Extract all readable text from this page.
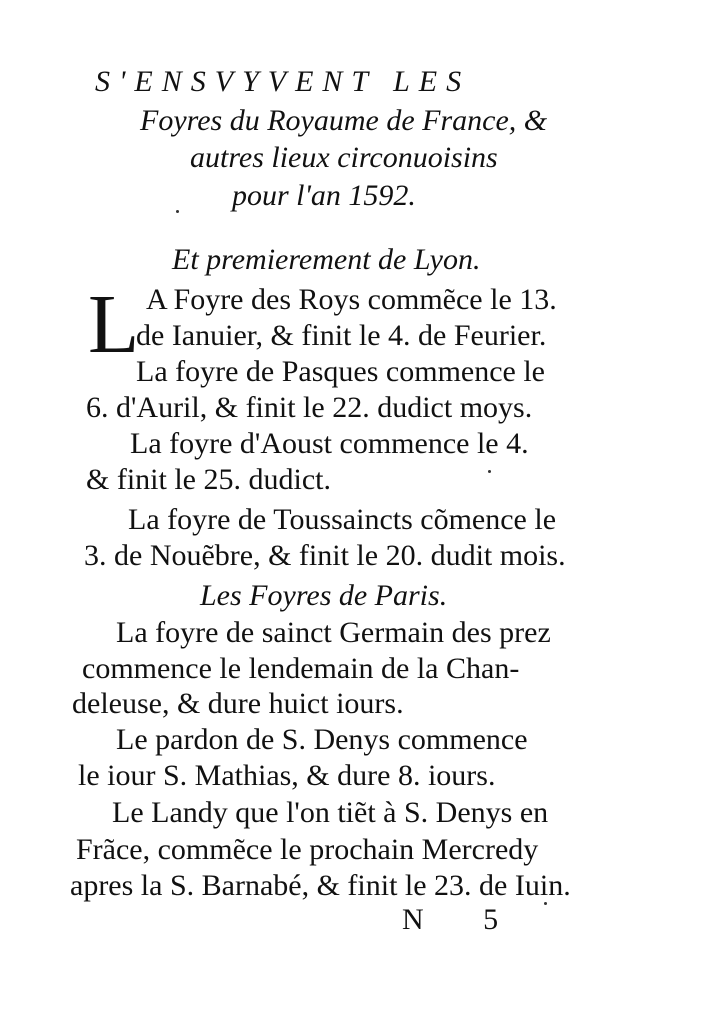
S'ENSVYVENT LES
Foyres du Royaume de France, &
autres lieux circonuoisins
pour l'an 1592.
Et premierement de Lyon.
L A Foyre des Roys commẽce le 13.
de Ianuier, & finit le 4. de Feurier.
La foyre de Pasques commence le
6. d'Auril, & finit le 22. dudict moys.
La foyre d'Aoust commence le 4.
& finit le 25. dudict.
La foyre de Toussaincts cõmence le
3. de Nouẽbre, & finit le 20. dudit mois.
Les Foyres de Paris.
La foyre de sainct Germain des prez
commence le lendemain de la Chan-
deleuse, & dure huict iours.
Le pardon de S. Denys commence
le iour S. Mathias, & dure 8. iours.
Le Landy que l'on tiẽt à S. Denys en
Frãce, commẽce le prochain Mercredy
apres la S. Barnabé, & finit le 23. de Iuin.
N 5
